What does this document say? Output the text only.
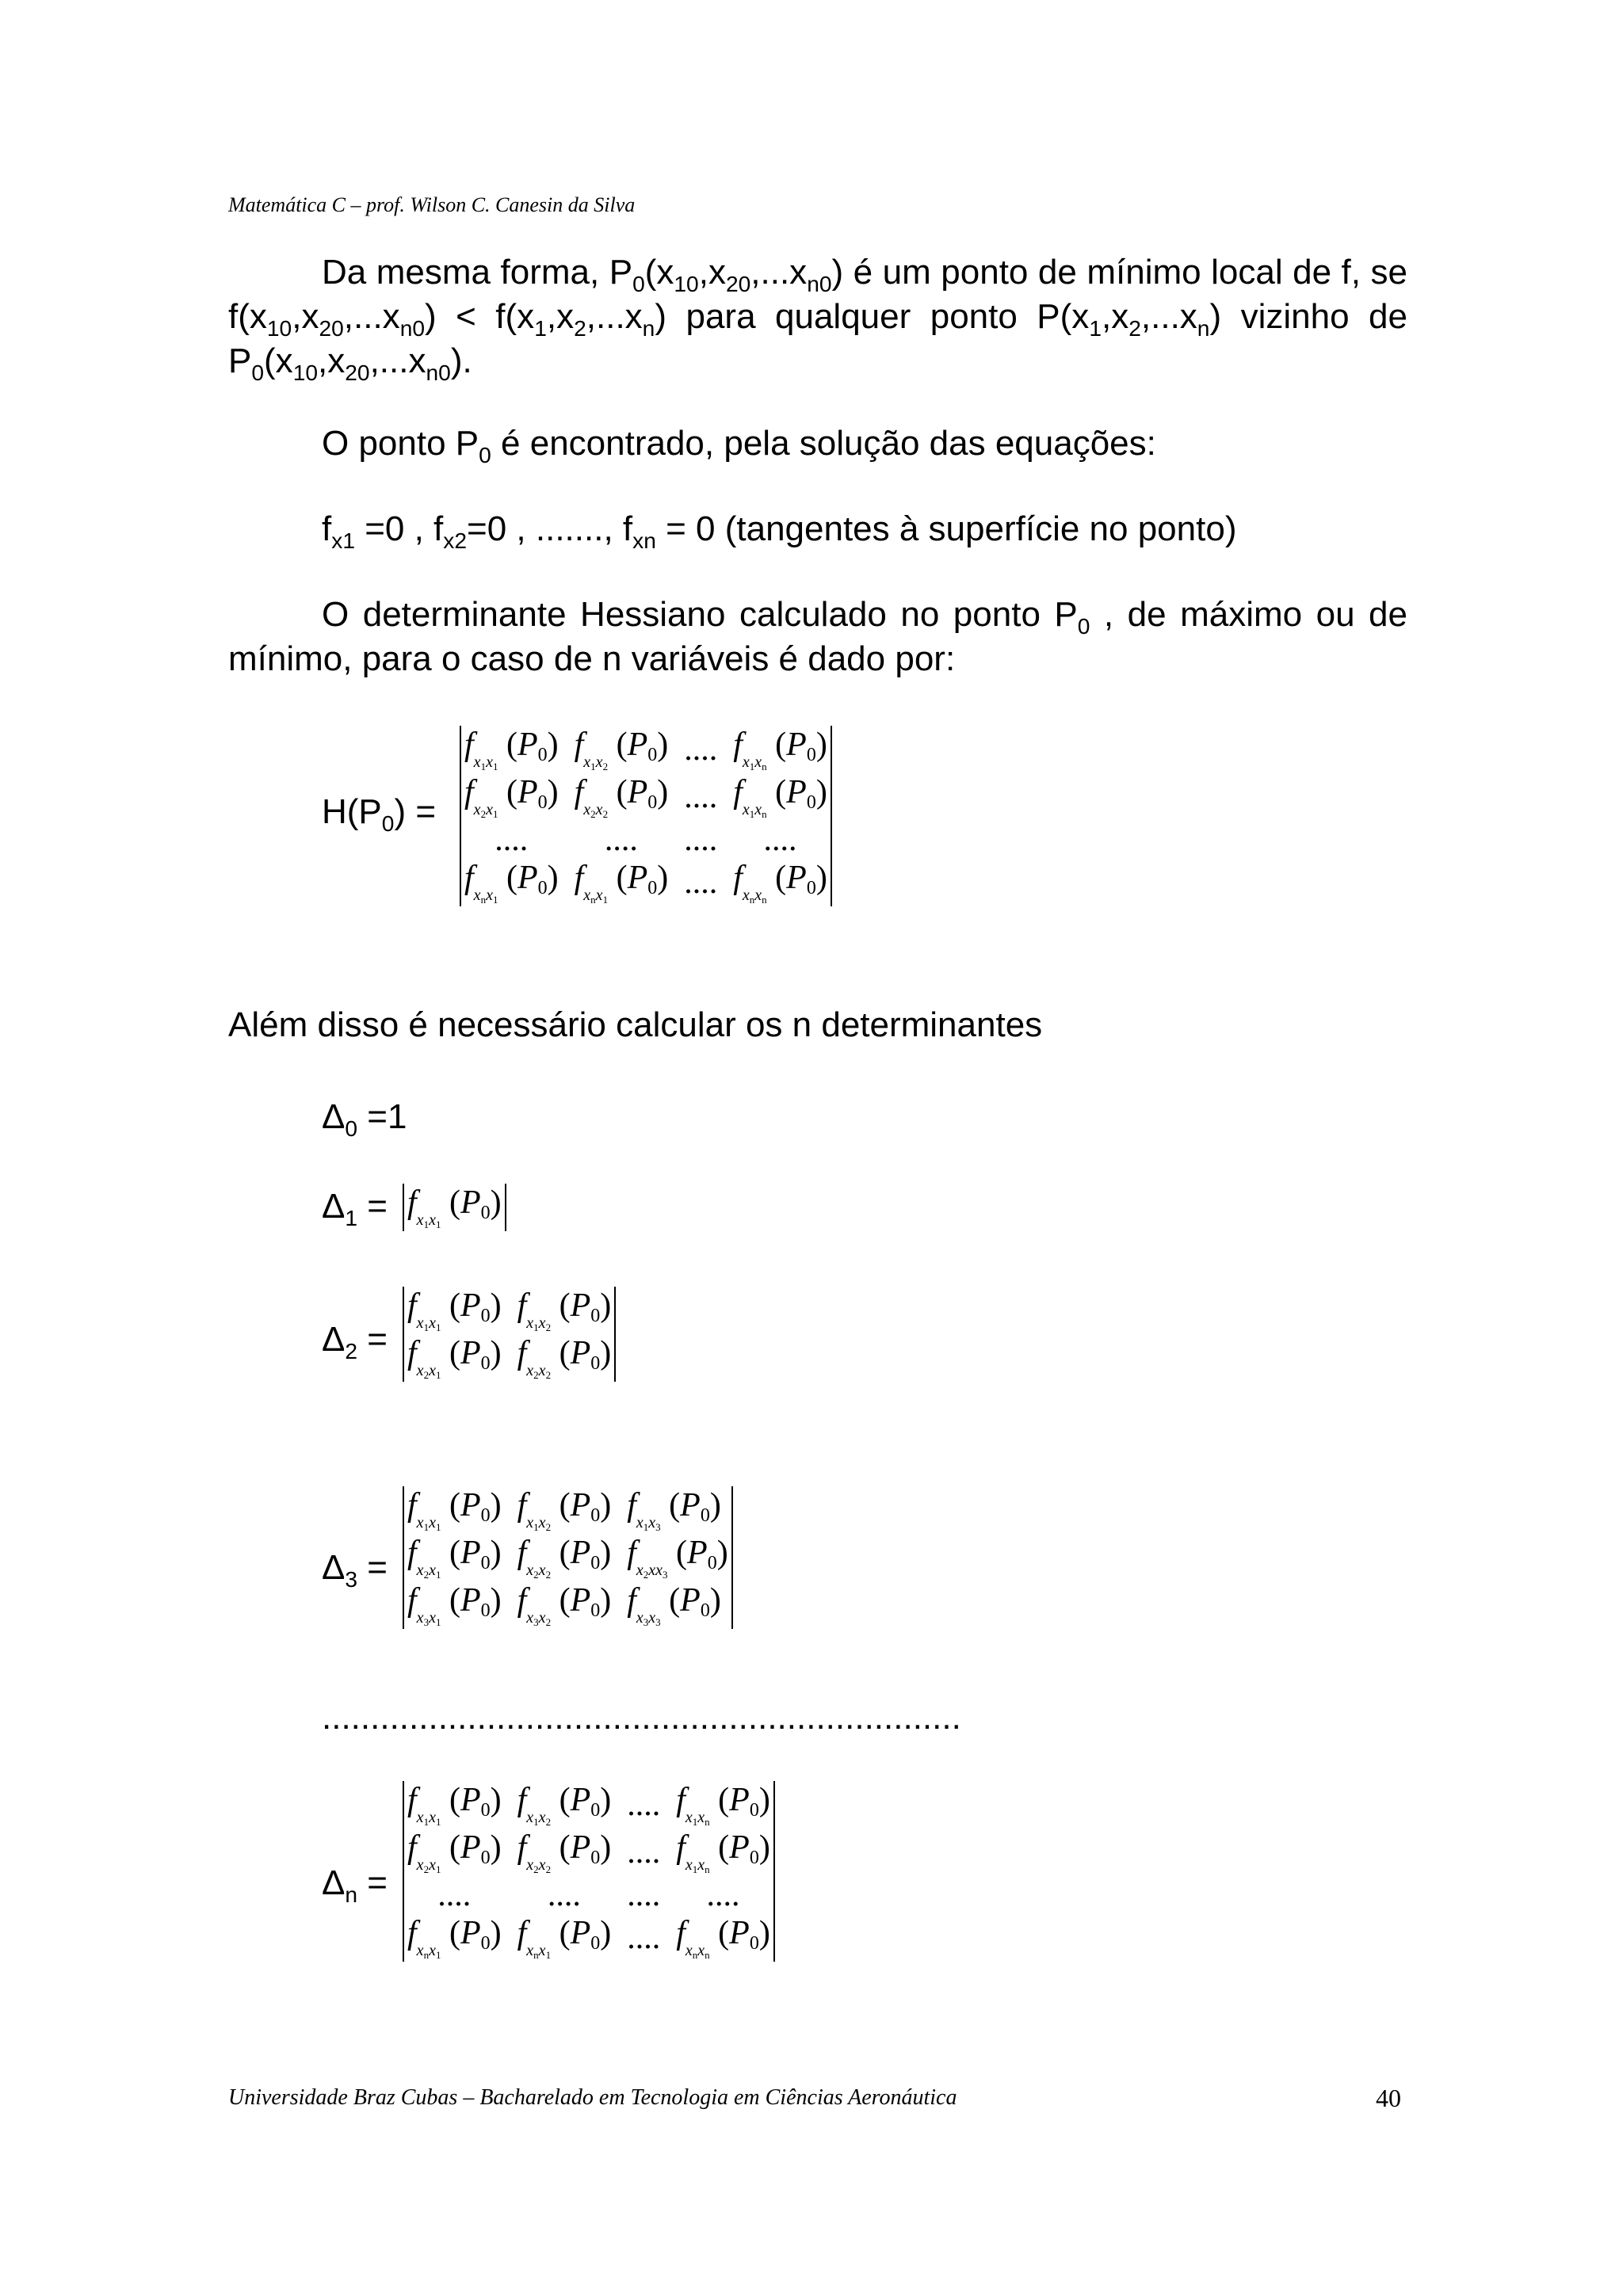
Matemática C – prof. Wilson C. Canesin da Silva
Da mesma forma, $P_0(x_{10},x_{20},...x_{n0})$ é um ponto de mínimo local de f, se $f(x_{10},x_{20},...x_{n0}) < f(x_1,x_2,...x_n)$ para qualquer ponto $P(x_1,x_2,...x_n)$ vizinho de $P_0(x_{10},x_{20},...x_{n0})$.
O ponto $P_0$ é encontrado, pela solução das equações:
$f_{x1} =0$ , $f_{x2}=0$ , ......., $f_{xn} = 0$ (tangentes à superfície no ponto)
O determinante Hessiano calculado no ponto $P_0$ , de máximo ou de mínimo, para o caso de n variáveis é dado por:
$H(P_0)$ =
$f_{x1x1}$ (P0)	$f_{x1x2}$ (P0)	....	$f_{x1xn}$ (P0)
$f_{x2x1}$ (P0)	$f_{x2x2}$ (P0)	....	$f_{x1xn}$ (P0)
....	....	....	....
$f_{xnx1}$ (P0)	$f_{xnx1}$ (P0)	....	$f_{xnxn}$ (P0)
Além disso é necessário calcular os n determinantes
$\Delta_0 =1$
$\Delta_1 = f_{x1x1}$ (P0)
$\Delta_2$ =
$f_{x1x1}$ (P0)	$f_{x1x2}$ (P0)
$f_{x2x1}$ (P0)	$f_{x2x2}$ (P0)
$\Delta_3$ =
$f_{x1x1}$ (P0)	$f_{x1x2}$ (P0)	$f_{x1x3}$ (P0)
$f_{x2x1}$ (P0)	$f_{x2x2}$ (P0)	$f_{x2xx3}$ (P0)
$f_{x3x1}$ (P0)	$f_{x3x2}$ (P0)	$f_{x3x3}$ (P0)
..................................................................
$\Delta_n$ =
$f_{x1x1}$ (P0)	$f_{x1x2}$ (P0)	....	$f_{x1xn}$ (P0)
$f_{x2x1}$ (P0)	$f_{x2x2}$ (P0)	....	$f_{x1xn}$ (P0)
....	....	....	....
$f_{xnx1}$ (P0)	$f_{xnx1}$ (P0)	....	$f_{xnxn}$ (P0)
Universidade Braz Cubas – Bacharelado em Tecnologia em Ciências Aeronáutica	40
